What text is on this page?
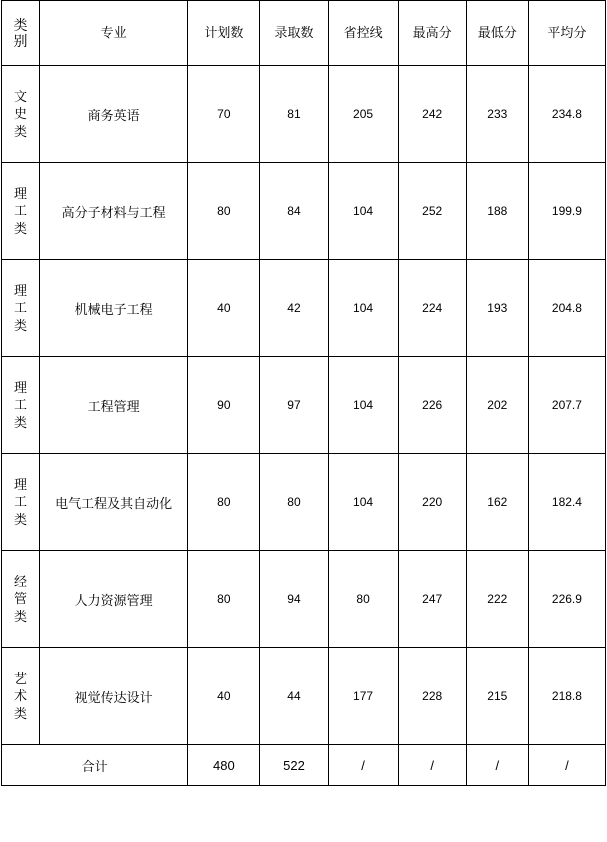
类
别	专业	计划数	录取数	省控线	最高分	最低分	平均分

文
史
类	商务英语	70	81	205	242	233	234.8

理
工
类	高分子材料与工程	80	84	104	252	188	199.9

理
工
类	机械电子工程	40	42	104	224	193	204.8

理
工
类	工程管理	90	97	104	226	202	207.7

理
工
类	电气工程及其自动化	80	80	104	220	162	182.4

经
管
类	人力资源管理	80	94	80	247	222	226.9

艺
术
类	视觉传达设计	40	44	177	228	215	218.8
合计		480	522	/	/	/	/
